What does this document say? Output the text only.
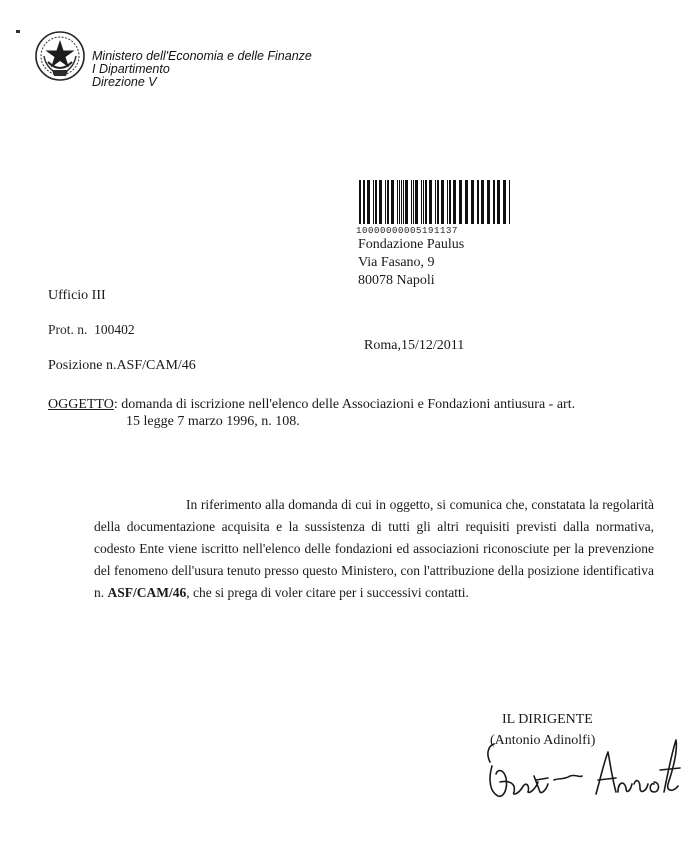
Ministero dell'Economia e delle Finanze
I Dipartimento
Direzione V
10000000005191137
Fondazione Paulus
Via Fasano, 9
80078 Napoli
Ufficio III
Prot. n. 100402
Roma,15/12/2011
Posizione n.ASF/CAM/46
OGGETTO: domanda di iscrizione nell'elenco delle Associazioni e Fondazioni antiusura - art.
15 legge 7 marzo 1996, n. 108.

In riferimento alla domanda di cui in oggetto, si comunica che, constatata la regolarità della documentazione acquisita e la sussistenza di tutti gli altri requisiti previsti dalla normativa, codesto Ente viene iscritto nell'elenco delle fondazioni ed associazioni riconosciute per la prevenzione del fenomeno dell'usura tenuto presso questo Ministero, con l'attribuzione della posizione identificativa n. ASF/CAM/46, che si prega di voler citare per i successivi contatti.

IL DIRIGENTE
(Antonio Adinolfi)
